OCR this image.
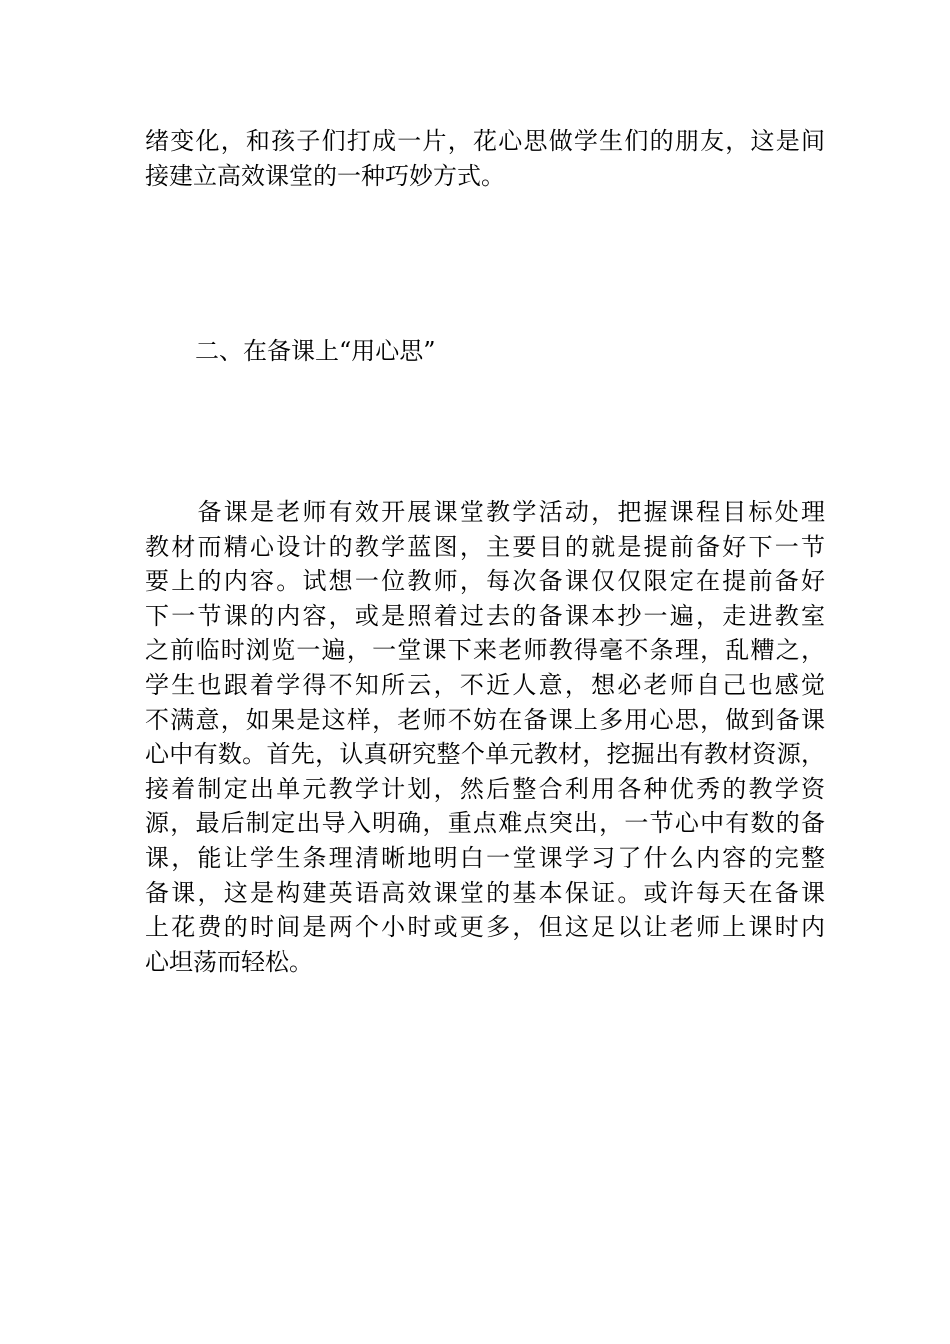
绪变化，和孩子们打成一片，花心思做学生们的朋友，这是间
接建立高效课堂的一种巧妙方式。
二、在备课上“用心思”
　　备课是老师有效开展课堂教学活动，把握课程目标处理
教材而精心设计的教学蓝图，主要目的就是提前备好下一节
要上的内容。试想一位教师，每次备课仅仅限定在提前备好
下一节课的内容，或是照着过去的备课本抄一遍，走进教室
之前临时浏览一遍，一堂课下来老师教得毫不条理，乱糟之，
学生也跟着学得不知所云，不近人意，想必老师自己也感觉
不满意，如果是这样，老师不妨在备课上多用心思，做到备课
心中有数。首先，认真研究整个单元教材，挖掘出有教材资源，
接着制定出单元教学计划，然后整合利用各种优秀的教学资
源，最后制定出导入明确，重点难点突出，一节心中有数的备
课，能让学生条理清晰地明白一堂课学习了什么内容的完整
备课，这是构建英语高效课堂的基本保证。或许每天在备课
上花费的时间是两个小时或更多，但这足以让老师上课时内
心坦荡而轻松。
